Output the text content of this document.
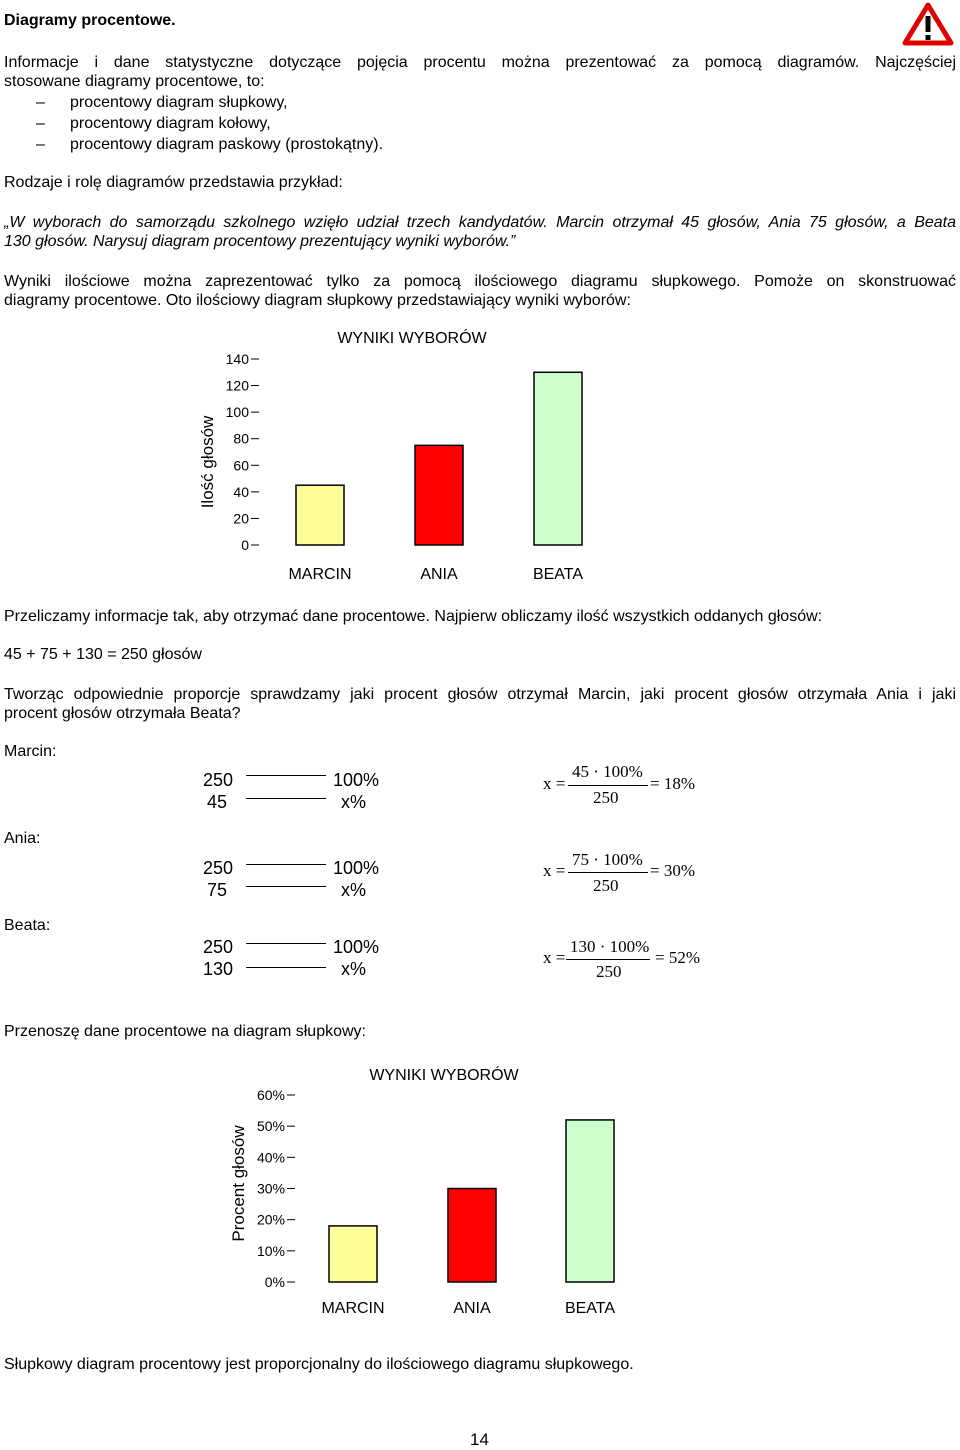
Diagramy procentowe.
Informacje i dane statystyczne dotyczące pojęcia procentu można prezentować za pomocą diagramów. Najczęściej
stosowane diagramy procentowe, to:
– procentowy diagram słupkowy,
– procentowy diagram kołowy,
– procentowy diagram paskowy (prostokątny).
Rodzaje i rolę diagramów przedstawia przykład:
„W wyborach do samorządu szkolnego wzięło udział trzech kandydatów. Marcin otrzymał 45 głosów, Ania 75 głosów, a Beata
130 głosów. Narysuj diagram procentowy prezentujący wyniki wyborów.”
Wyniki ilościowe można zaprezentować tylko za pomocą ilościowego diagramu słupkowego. Pomoże on skonstruować
diagramy procentowe. Oto ilościowy diagram słupkowy przedstawiający wyniki wyborów:
WYNIKI WYBORÓW
Ilość głosów
0
20
40
60
80
100
120
140
MARCIN	ANIA	BEATA
Przeliczamy informacje tak, aby otrzymać dane procentowe. Najpierw obliczamy ilość wszystkich oddanych głosów:
45 + 75 + 130 = 250 głosów
Tworząc odpowiednie proporcje sprawdzamy jaki procent głosów otrzymał Marcin, jaki procent głosów otrzymała Ania i jaki
procent głosów otrzymała Beata?
Marcin:
250	100%
45	x%
x =
45 · 100%
250
= 18%
Ania:
250	100%
75	x%
x =
75 · 100%
250
= 30%
Beata:
250	100%
130	x%
x =
130 · 100%
250
= 52%
Przenoszę dane procentowe na diagram słupkowy:
WYNIKI WYBORÓW
Procent głosów
0%
10%
20%
30%
40%
50%
60%
MARCIN	ANIA	BEATA
Słupkowy diagram procentowy jest proporcjonalny do ilościowego diagramu słupkowego.
14
